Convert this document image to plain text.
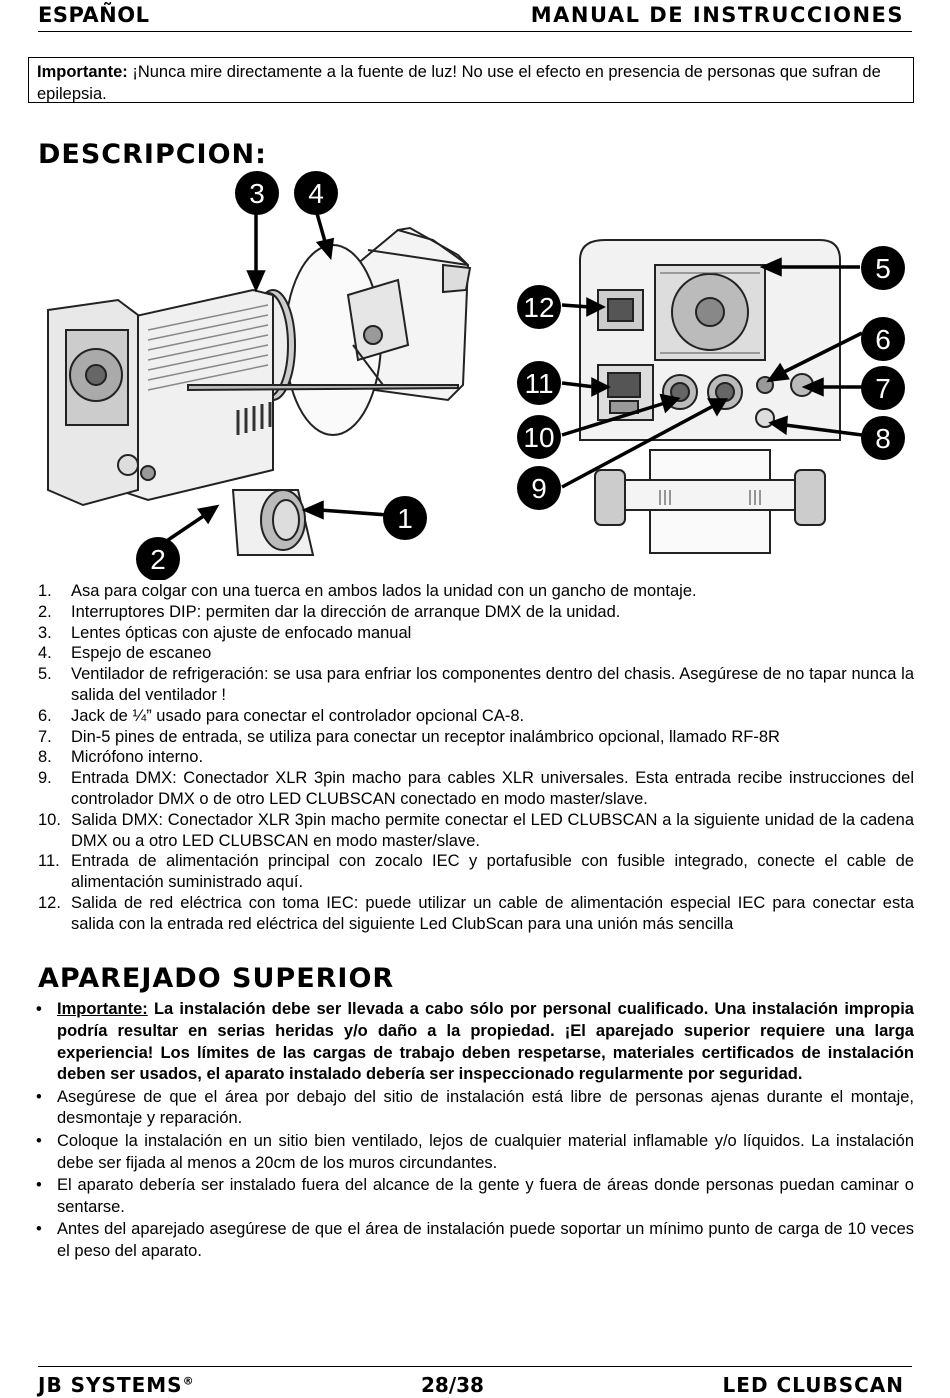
ESPAÑOL	MANUAL DE INSTRUCCIONES
Importante: ¡Nunca mire directamente a la fuente de luz! No use el efecto en presencia de personas que sufran de epilepsia.
DESCRIPCION:
3 4
1
2
5
6
7
8
12
11
10
9
1. Asa para colgar con una tuerca en ambos lados la unidad con un gancho de montaje.
2. Interruptores DIP: permiten dar la dirección de arranque DMX de la unidad.
3. Lentes ópticas con ajuste de enfocado manual
4. Espejo de escaneo
5. Ventilador de refrigeración: se usa para enfriar los componentes dentro del chasis. Asegúrese de no tapar nunca la salida del ventilador !
6. Jack de ¼” usado para conectar el controlador opcional CA-8.
7. Din-5 pines de entrada, se utiliza para conectar un receptor inalámbrico opcional, llamado RF-8R
8. Micrófono interno.
9. Entrada DMX: Conectador XLR 3pin macho para cables XLR universales. Esta entrada recibe instrucciones del controlador DMX o de otro LED CLUBSCAN conectado en modo master/slave.
10. Salida DMX: Conectador XLR 3pin macho permite conectar el LED CLUBSCAN a la siguiente unidad de la cadena DMX ou a otro LED CLUBSCAN en modo master/slave.
11. Entrada de alimentación principal con zocalo IEC y portafusible con fusible integrado, conecte el cable de alimentación suministrado aquí.
12. Salida de red eléctrica con toma IEC: puede utilizar un cable de alimentación especial IEC para conectar esta salida con la entrada red eléctrica del siguiente Led ClubScan para una unión más sencilla
APAREJADO SUPERIOR
• Importante: La instalación debe ser llevada a cabo sólo por personal cualificado. Una instalación impropia podría resultar en serias heridas y/o daño a la propiedad. ¡El aparejado superior requiere una larga experiencia! Los límites de las cargas de trabajo deben respetarse, materiales certificados de instalación deben ser usados, el aparato instalado debería ser inspeccionado regularmente por seguridad.
• Asegúrese de que el área por debajo del sitio de instalación está libre de personas ajenas durante el montaje, desmontaje y reparación.
• Coloque la instalación en un sitio bien ventilado, lejos de cualquier material inflamable y/o líquidos. La instalación debe ser fijada al menos a 20cm de los muros circundantes.
• El aparato debería ser instalado fuera del alcance de la gente y fuera de áreas donde personas puedan caminar o sentarse.
• Antes del aparejado asegúrese de que el área de instalación puede soportar un mínimo punto de carga de 10 veces el peso del aparato.
JB SYSTEMS®	28/38	LED CLUBSCAN
